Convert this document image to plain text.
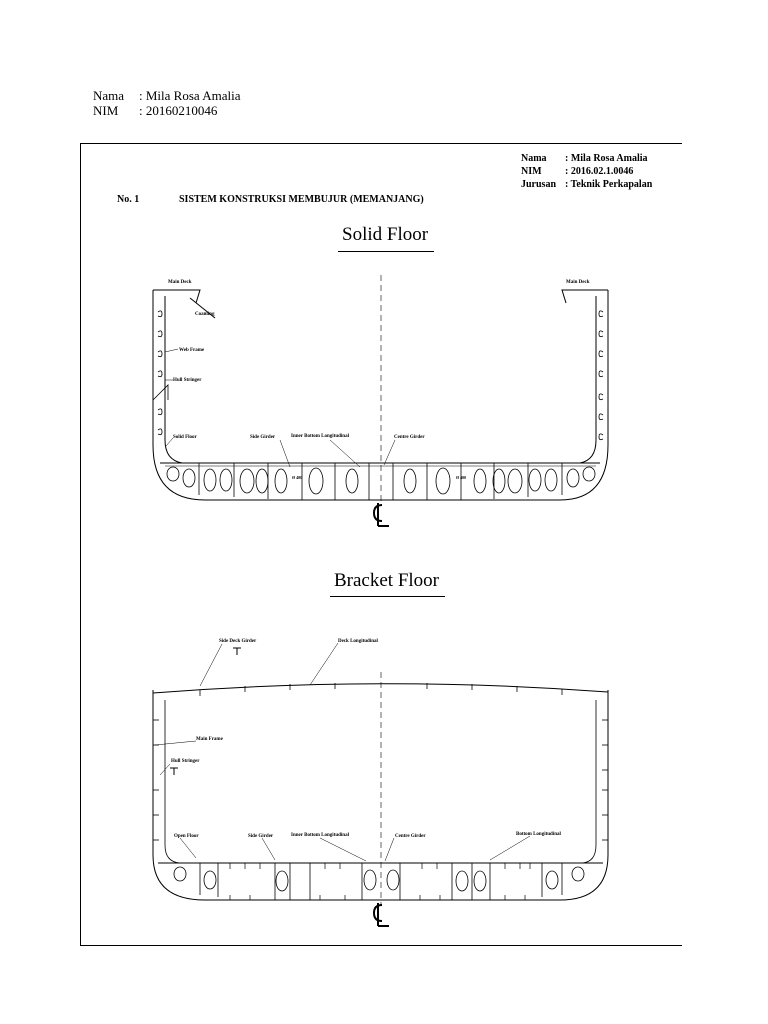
Nama : Mila Rosa Amalia
NIM : 20160210046
Nama : Mila Rosa Amalia
NIM : 2016.02.1.0046
Jurusan : Teknik Perkapalan
No. 1	SISTEM KONSTRUKSI MEMBUJUR (MEMANJANG)
Solid Floor
Bracket Floor
Main Deck	Main Deck
Coaming
Web Frame
Hull Stringer
Solid Floor	Side Girder	Inner Bottom Longitudinal	Centre Girder
Ø 400	Ø 400
Side Deck Girder	Deck Longitudinal
Main Frame
Hull Stringer
Open Floor	Side Girder	Inner Bottom Longitudinal	Centre Girder	Bottom Longitudinal
